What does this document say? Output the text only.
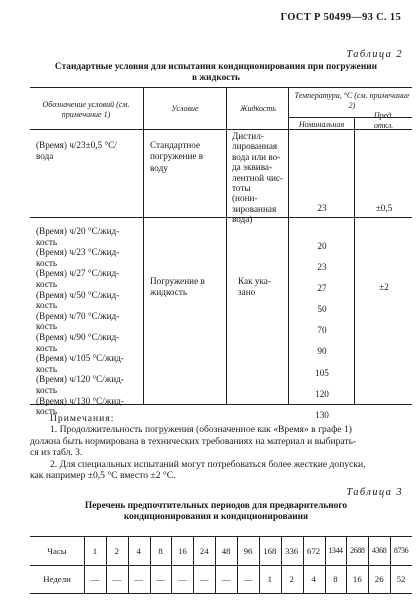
ГОСТ Р 50499—93 С. 15
Таблица 2
Стандартные условия для испытания кондиционирования при погружении
в жидкость
Обозначение условий (см. примечание 1)
Условие	Жидкость
Температура, °С (см. примечание 2)
Номинальная
Пред.
откл.
(Время) ч/23±0,5 °С/
вода
Стандартное
погружение в
воду
Дистил-
лированная
вода или во-
да эквива-
лентной чис-
тоты
(нони-
зированная
вода)
23	±0,5
(Время) ч/20 °С/жид-
кость
(Время) ч/23 °С/жид-
кость
(Время) ч/27 °С/жид-
кость
(Время) ч/50 °С/жид-
кость
(Время) ч/70 °С/жид-
кость
(Время) ч/90 °С/жид-
кость
(Время) ч/105 °С/жид-
кость
(Время) ч/120 °С/жид-
кость
(Время) ч/130 °С/жид-
кость
Погружение в
жидкость
Как ука-
зано
±2
20
23
27
50
70
90
105
120
130
Примечания:
1. Продолжительность погружения (обозначенное как «Время» в графе 1)
должна быть нормирована в технических требованиях на материал и выбирать-
ся из табл. 3.
2. Для специальных испытаний могут потребоваться более жесткие допуски,
как например ±0,5 °С вместо ±2 °С.
Таблица 3
Перечень предпочтительных периодов для предварительного
кондиционирования и кондиционирования
Часы
Недели
1
—
2
—
4
—
8
—
16
—
24
—
48
—
96
—
168
1
336
2
672
4
1344
8
2688
16
4368
26
8736
52
